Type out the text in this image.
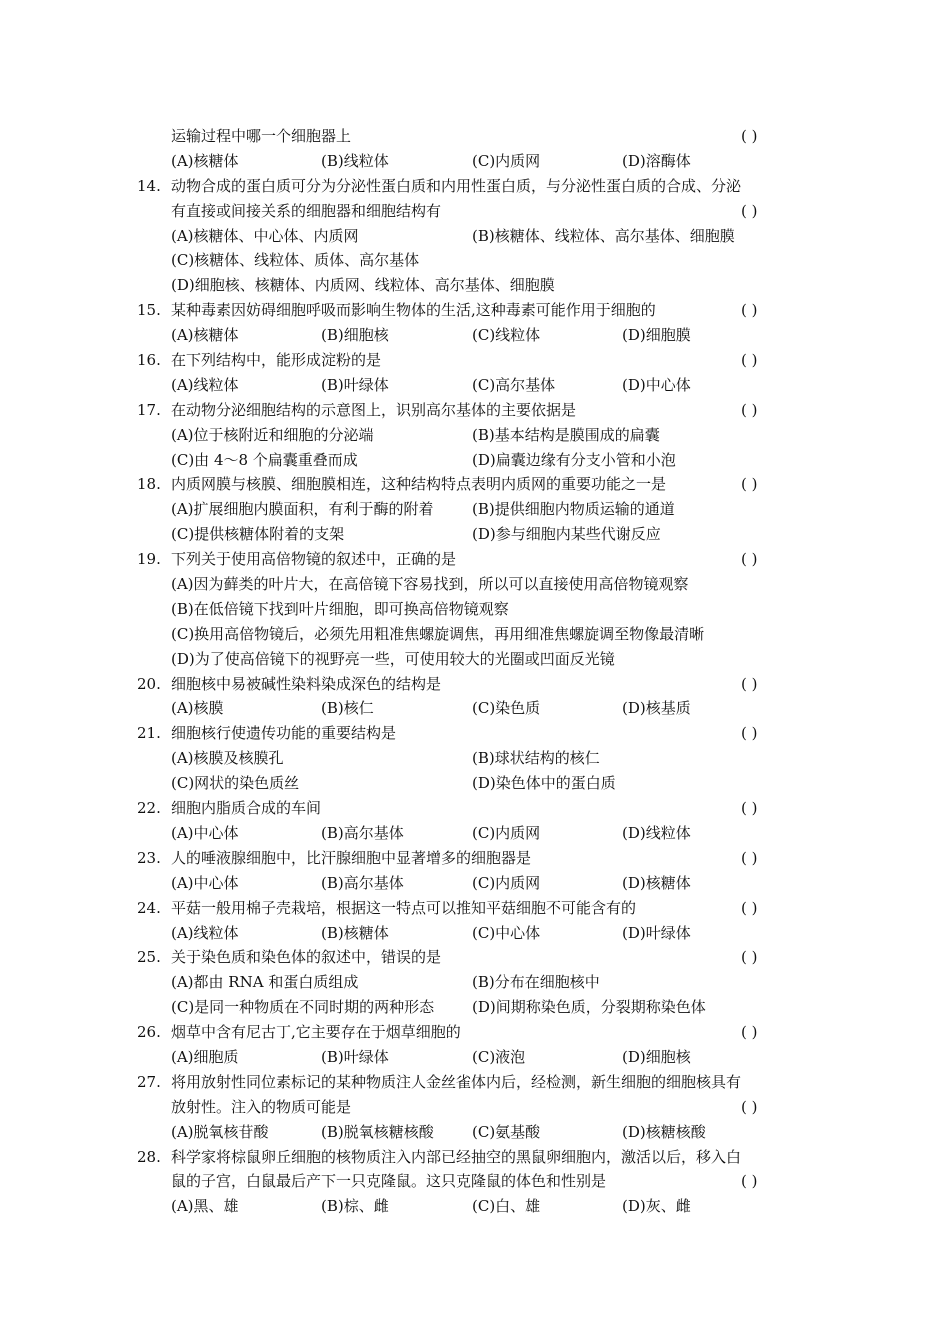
运输过程中哪一个细胞器上	( )
(A)核糖体	(B)线粒体	(C)内质网	(D)溶酶体
14. 动物合成的蛋白质可分为分泌性蛋白质和内用性蛋白质，与分泌性蛋白质的合成、分泌
有直接或间接关系的细胞器和细胞结构有	( )
(A)核糖体、中心体、内质网	(B)核糖体、线粒体、高尔基体、细胞膜
(C)核糖体、线粒体、质体、高尔基体
(D)细胞核、核糖体、内质网、线粒体、高尔基体、细胞膜
15. 某种毒素因妨碍细胞呼吸而影响生物体的生活,这种毒素可能作用于细胞的	( )
(A)核糖体	(B)细胞核	(C)线粒体	(D)细胞膜
16. 在下列结构中，能形成淀粉的是	( )
(A)线粒体	(B)叶绿体	(C)高尔基体	(D)中心体
17. 在动物分泌细胞结构的示意图上，识别高尔基体的主要依据是	( )
(A)位于核附近和细胞的分泌端	(B)基本结构是膜围成的扁囊
(C)由 4～8 个扁囊重叠而成	(D)扁囊边缘有分支小管和小泡
18. 内质网膜与核膜、细胞膜相连，这种结构特点表明内质网的重要功能之一是	( )
(A)扩展细胞内膜面积，有利于酶的附着	(B)提供细胞内物质运输的通道
(C)提供核糖体附着的支架	(D)参与细胞内某些代谢反应
19. 下列关于使用高倍物镜的叙述中，正确的是	( )
(A)因为藓类的叶片大，在高倍镜下容易找到，所以可以直接使用高倍物镜观察
(B)在低倍镜下找到叶片细胞，即可换高倍物镜观察
(C)换用高倍物镜后，必须先用粗准焦螺旋调焦，再用细准焦螺旋调至物像最清晰
(D)为了使高倍镜下的视野亮一些，可使用较大的光圈或凹面反光镜
20. 细胞核中易被碱性染料染成深色的结构是	( )
(A)核膜	(B)核仁	(C)染色质	(D)核基质
21. 细胞核行使遗传功能的重要结构是	( )
(A)核膜及核膜孔	(B)球状结构的核仁
(C)网状的染色质丝	(D)染色体中的蛋白质
22. 细胞内脂质合成的车间	( )
(A)中心体	(B)高尔基体	(C)内质网	(D)线粒体
23. 人的唾液腺细胞中，比汗腺细胞中显著增多的细胞器是	( )
(A)中心体	(B)高尔基体	(C)内质网	(D)核糖体
24. 平菇一般用棉子壳栽培，根据这一特点可以推知平菇细胞不可能含有的	( )
(A)线粒体	(B)核糖体	(C)中心体	(D)叶绿体
25. 关于染色质和染色体的叙述中，错误的是	( )
(A)都由 RNA 和蛋白质组成	(B)分布在细胞核中
(C)是同一种物质在不同时期的两种形态	(D)间期称染色质，分裂期称染色体
26. 烟草中含有尼古丁,它主要存在于烟草细胞的	( )
(A)细胞质	(B)叶绿体	(C)液泡	(D)细胞核
27. 将用放射性同位素标记的某种物质注人金丝雀体内后，经检测，新生细胞的细胞核具有
放射性。注入的物质可能是	( )
(A)脱氧核苷酸	(B)脱氧核糖核酸	(C)氨基酸	(D)核糖核酸
28. 科学家将棕鼠卵丘细胞的核物质注入内部已经抽空的黑鼠卵细胞内，激活以后，移入白
鼠的子宫，白鼠最后产下一只克隆鼠。这只克隆鼠的体色和性别是	( )
(A)黑、雄	(B)棕、雌	(C)白、雄	(D)灰、雌
